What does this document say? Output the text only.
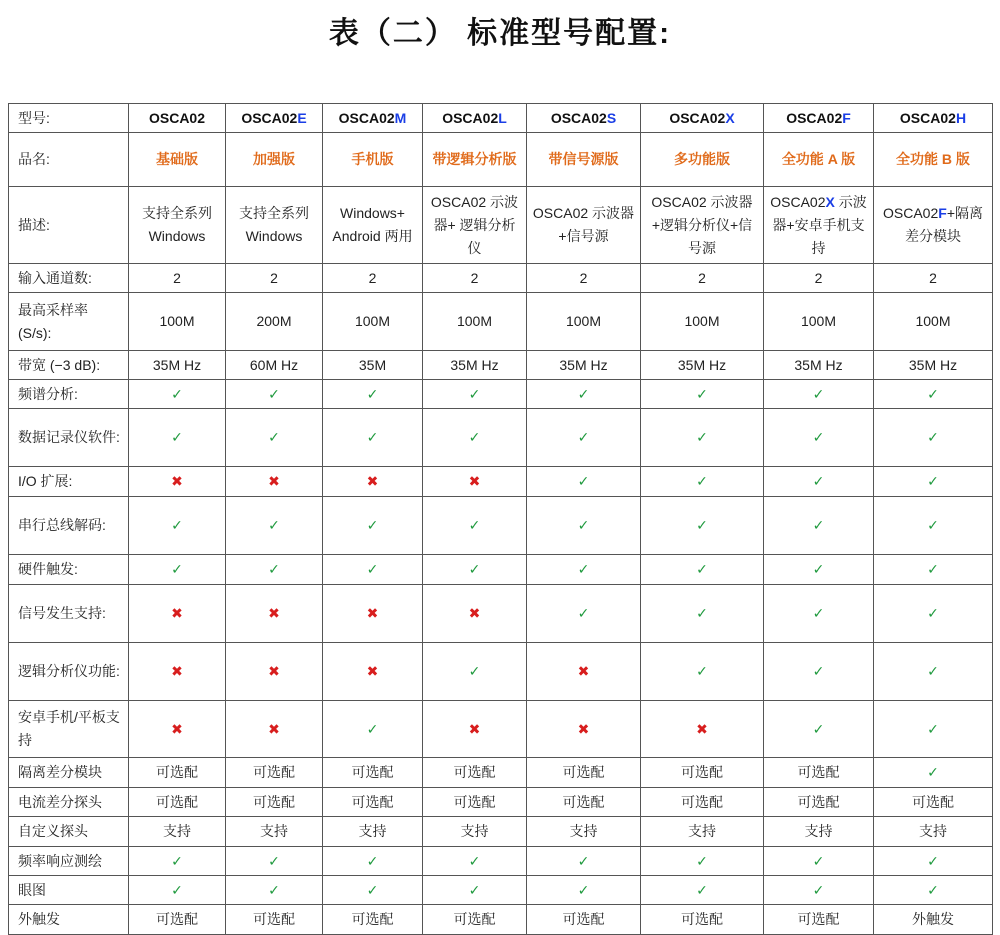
表（二） 标准型号配置:
型号:	OSCA02	OSCA02E	OSCA02M	OSCA02L	OSCA02S	OSCA02X	OSCA02F	OSCA02H
品名:	基础版	加强版	手机版	带逻辑分析版	带信号源版	多功能版	全功能 A 版	全功能 B 版
描述:	支持全系列Windows	支持全系列Windows	Windows+ Android 两用	OSCA02 示波器+ 逻辑分析仪	OSCA02 示波器+信号源	OSCA02 示波器+逻辑分析仪+信号源	OSCA02X 示波器+安卓手机支持	OSCA02F+隔离差分模块
输入通道数:	2	2	2	2	2	2	2	2
最高采样率 (S/s):	100M	200M	100M	100M	100M	100M	100M	100M
带宽 (−3 dB):	35M Hz	60M Hz	35M	35M Hz	35M Hz	35M Hz	35M Hz	35M Hz
频谱分析:	✓	✓	✓	✓	✓	✓	✓	✓
数据记录仪软件:	✓	✓	✓	✓	✓	✓	✓	✓
I/O 扩展:	✖	✖	✖	✖	✓	✓	✓	✓
串行总线解码:	✓	✓	✓	✓	✓	✓	✓	✓
硬件触发:	✓	✓	✓	✓	✓	✓	✓	✓
信号发生支持:	✖	✖	✖	✖	✓	✓	✓	✓
逻辑分析仪功能:	✖	✖	✖	✓	✖	✓	✓	✓
安卓手机/平板支持	✖	✖	✓	✖	✖	✖	✓	✓
隔离差分模块	可选配	可选配	可选配	可选配	可选配	可选配	可选配	✓
电流差分探头	可选配	可选配	可选配	可选配	可选配	可选配	可选配	可选配
自定义探头	支持	支持	支持	支持	支持	支持	支持	支持
频率响应测绘	✓	✓	✓	✓	✓	✓	✓	✓
眼图	✓	✓	✓	✓	✓	✓	✓	✓
外触发	可选配	可选配	可选配	可选配	可选配	可选配	可选配	外触发
